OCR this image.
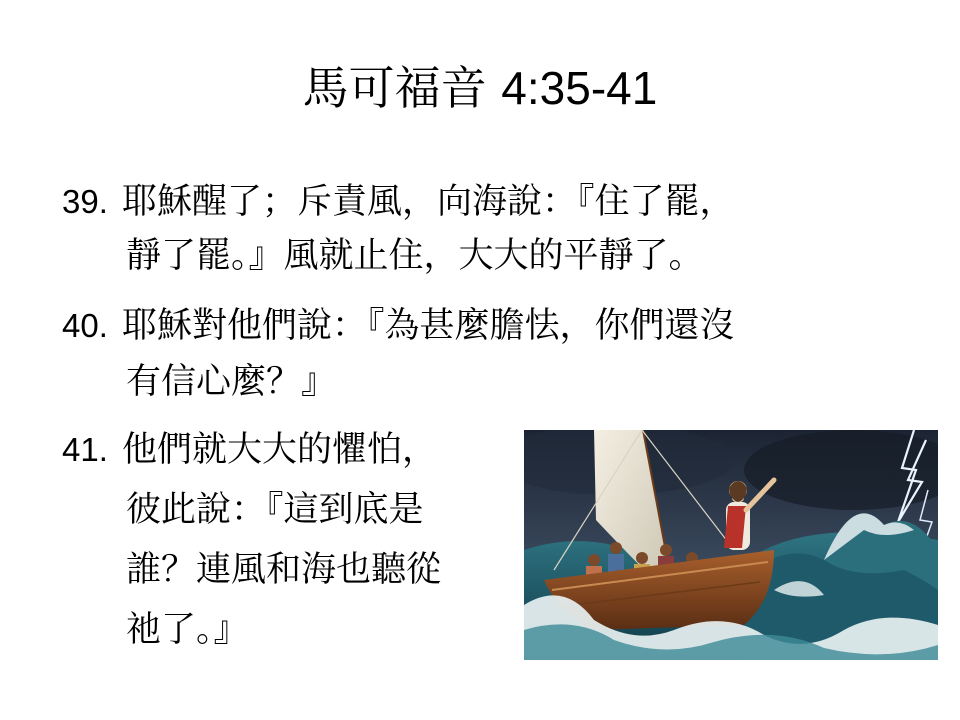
馬可福音 4:35-41
39. 耶穌醒了；斥責風，向海說：『住了罷，
靜了罷。』風就止住，大大的平靜了。
40. 耶穌對他們說：『為甚麼膽怯，你們還沒
有信心麼？』
41. 他們就大大的懼怕，
彼此說：『這到底是
誰？連風和海也聽從
祂了。』
